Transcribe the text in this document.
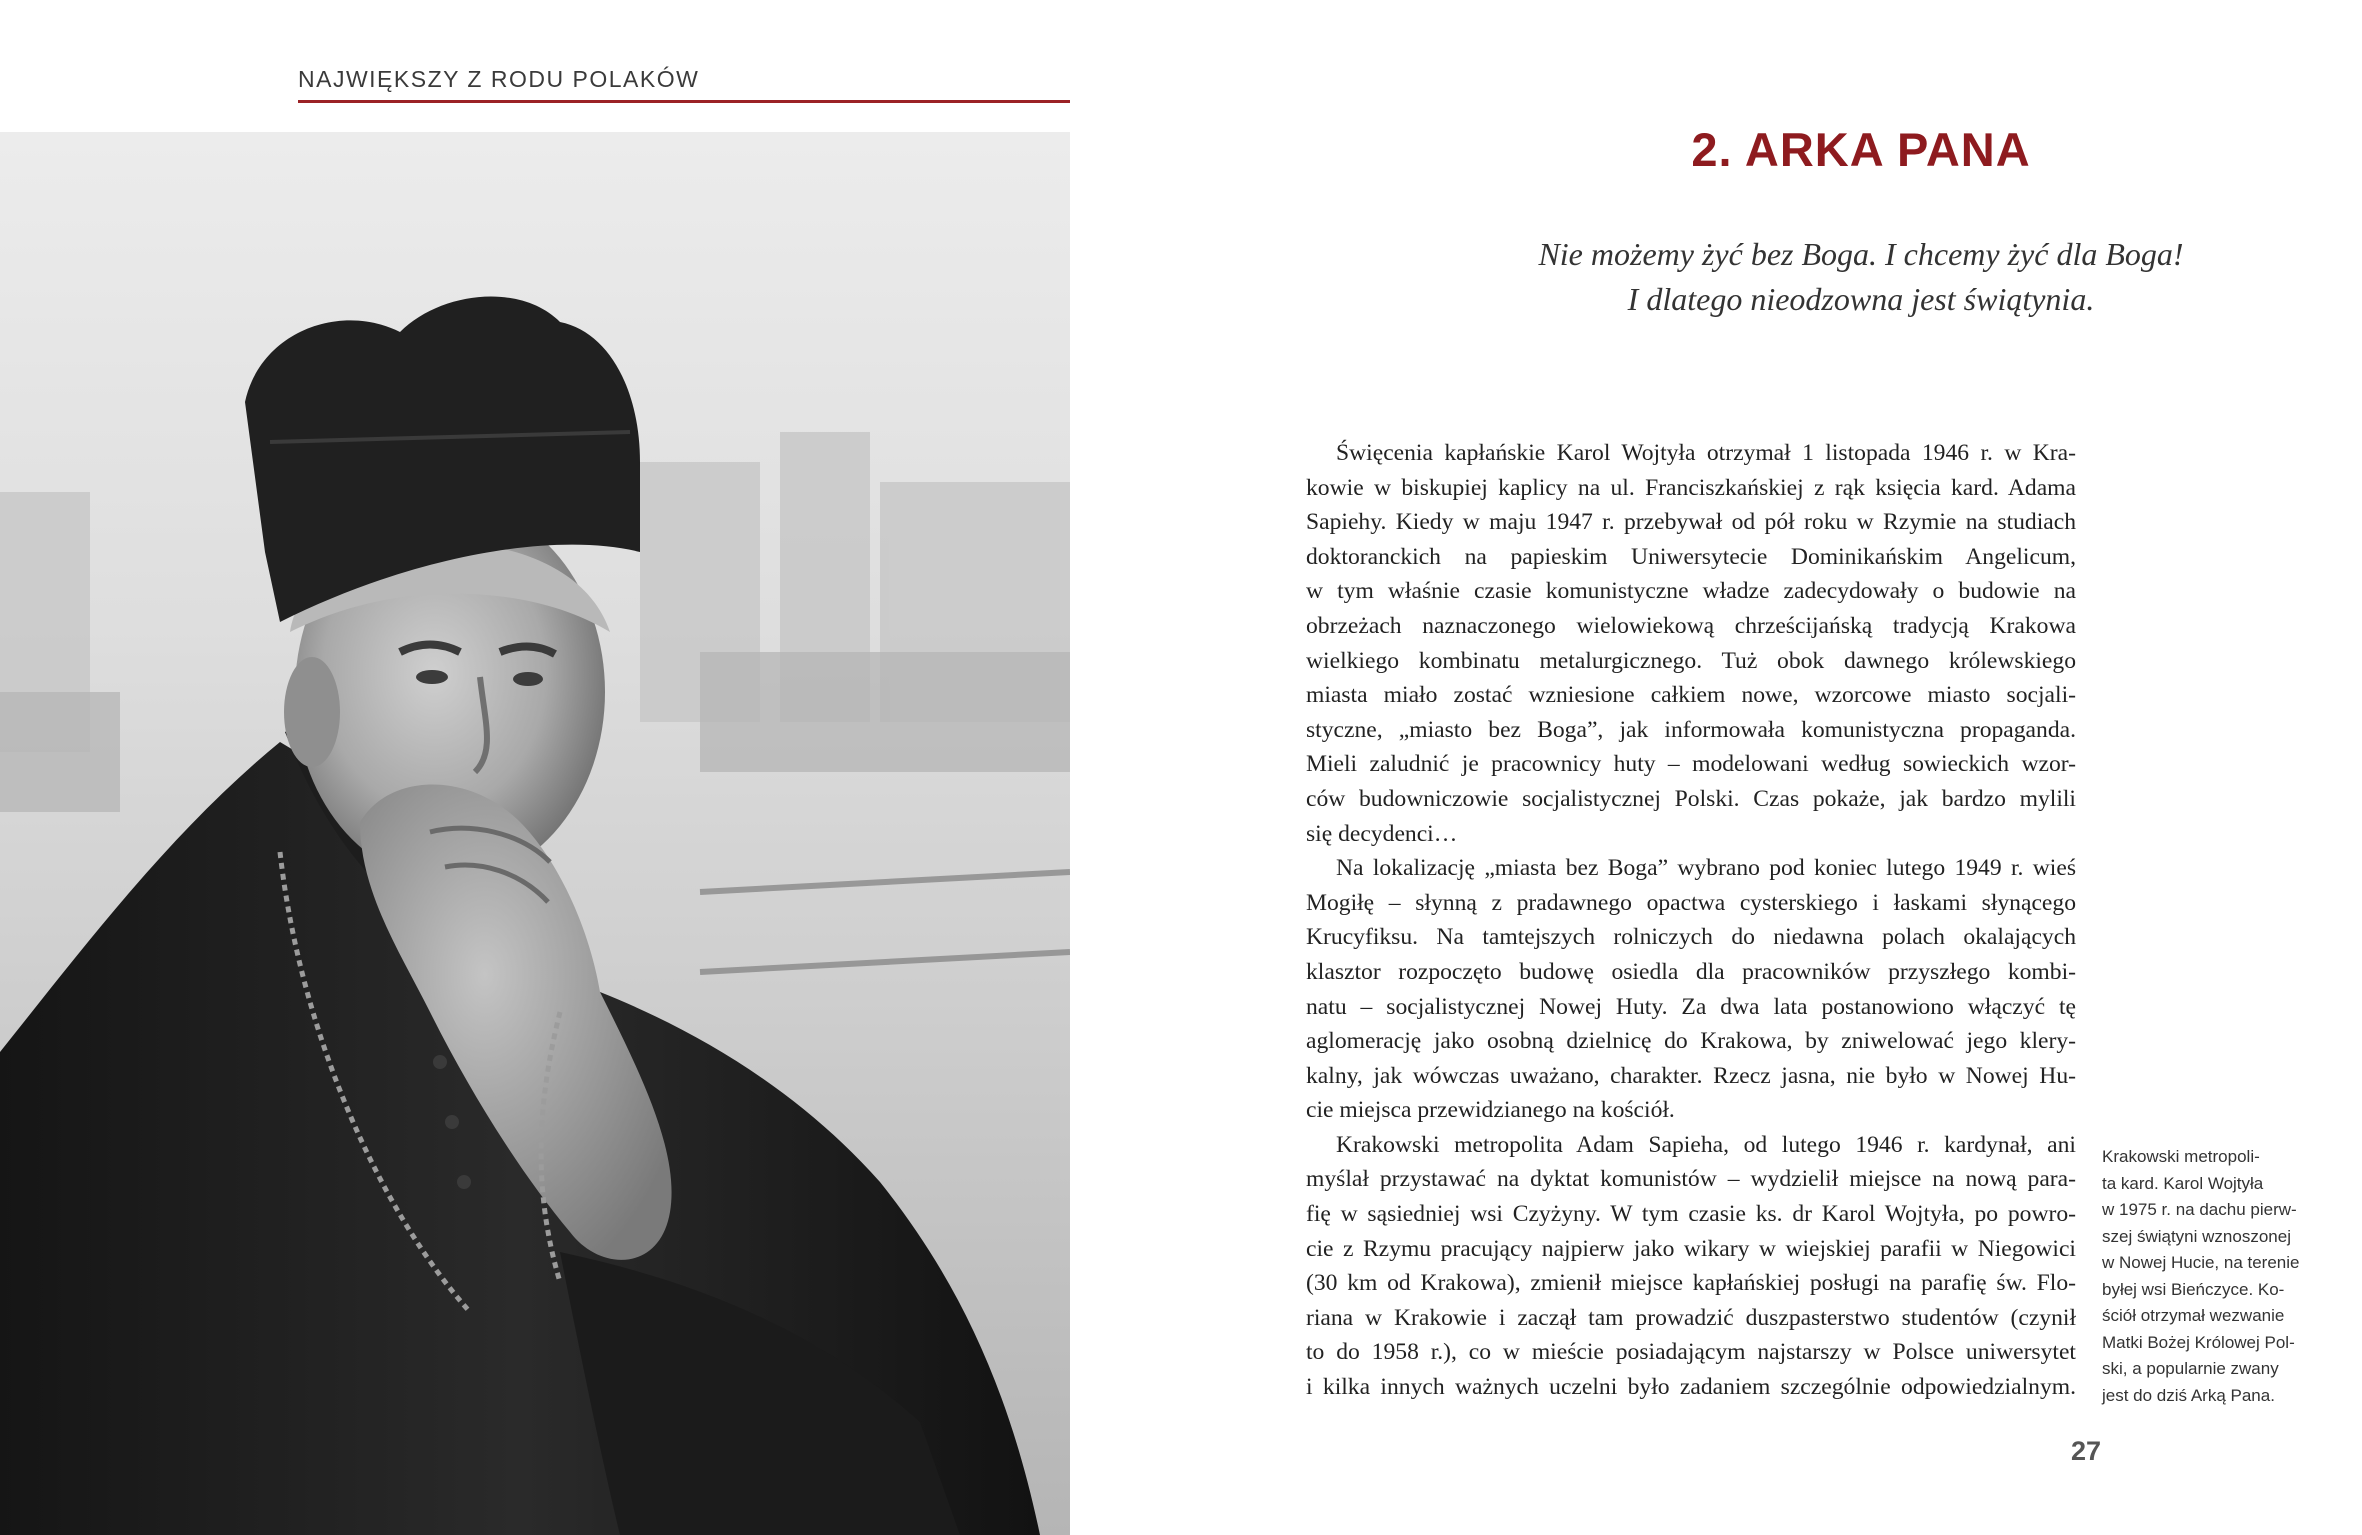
NAJWIĘKSZY Z RODU POLAKÓW
2. ARKA PANA
Nie możemy żyć bez Boga. I chcemy żyć dla Boga!
I dlatego nieodzowna jest świątynia.
Święcenia kapłańskie Karol Wojtyła otrzymał 1 listopada 1946 r. w Kra-
kowie w biskupiej kaplicy na ul. Franciszkańskiej z rąk księcia kard. Adama
Sapiehy. Kiedy w maju 1947 r. przebywał od pół roku w Rzymie na studiach
doktoranckich na papieskim Uniwersytecie Dominikańskim Angelicum,
w tym właśnie czasie komunistyczne władze zadecydowały o budowie na
obrzeżach naznaczonego wielowiekową chrześcijańską tradycją Krakowa
wielkiego kombinatu metalurgicznego. Tuż obok dawnego królewskiego
miasta miało zostać wzniesione całkiem nowe, wzorcowe miasto socjali-
styczne, „miasto bez Boga”, jak informowała komunistyczna propaganda.
Mieli zaludnić je pracownicy huty – modelowani według sowieckich wzor-
ców budowniczowie socjalistycznej Polski. Czas pokaże, jak bardzo mylili
się decydenci…
Na lokalizację „miasta bez Boga” wybrano pod koniec lutego 1949 r. wieś
Mogiłę – słynną z pradawnego opactwa cysterskiego i łaskami słynącego
Krucyfiksu. Na tamtejszych rolniczych do niedawna polach okalających
klasztor rozpoczęto budowę osiedla dla pracowników przyszłego kombi-
natu – socjalistycznej Nowej Huty. Za dwa lata postanowiono włączyć tę
aglomerację jako osobną dzielnicę do Krakowa, by zniwelować jego klery-
kalny, jak wówczas uważano, charakter. Rzecz jasna, nie było w Nowej Hu-
cie miejsca przewidzianego na kościół.
Krakowski metropolita Adam Sapieha, od lutego 1946 r. kardynał, ani
myślał przystawać na dyktat komunistów – wydzielił miejsce na nową para-
fię w sąsiedniej wsi Czyżyny. W tym czasie ks. dr Karol Wojtyła, po powro-
cie z Rzymu pracujący najpierw jako wikary w wiejskiej parafii w Niegowici
(30 km od Krakowa), zmienił miejsce kapłańskiej posługi na parafię św. Flo-
riana w Krakowie i zaczął tam prowadzić duszpasterstwo studentów (czynił
to do 1958 r.), co w mieście posiadającym najstarszy w Polsce uniwersytet
i kilka innych ważnych uczelni było zadaniem szczególnie odpowiedzialnym.
Krakowski metropoli-
ta kard. Karol Wojtyła
w 1975 r. na dachu pierw-
szej świątyni wznoszonej
w Nowej Hucie, na terenie
byłej wsi Bieńczyce. Ko-
ściół otrzymał wezwanie
Matki Bożej Królowej Pol-
ski, a popularnie zwany
jest do dziś Arką Pana.
27
